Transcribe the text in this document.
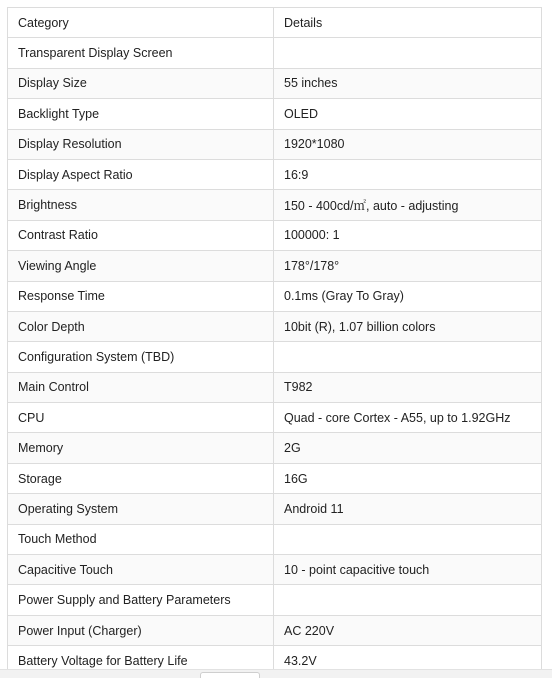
Category	Details
Transparent Display Screen	
Display Size	55 inches
Backlight Type	OLED
Display Resolution	1920*1080
Display Aspect Ratio	16:9
Brightness	150 - 400cd/㎡, auto - adjusting
Contrast Ratio	100000: 1
Viewing Angle	178°/178°
Response Time	0.1ms (Gray To Gray)
Color Depth	10bit (R), 1.07 billion colors
Configuration System (TBD)	
Main Control	T982
CPU	Quad - core Cortex - A55, up to 1.92GHz
Memory	2G
Storage	16G
Operating System	Android 11
Touch Method	
Capacitive Touch	10 - point capacitive touch
Power Supply and Battery Parameters	
Power Input (Charger)	AC 220V
Battery Voltage for Battery Life	43.2V
